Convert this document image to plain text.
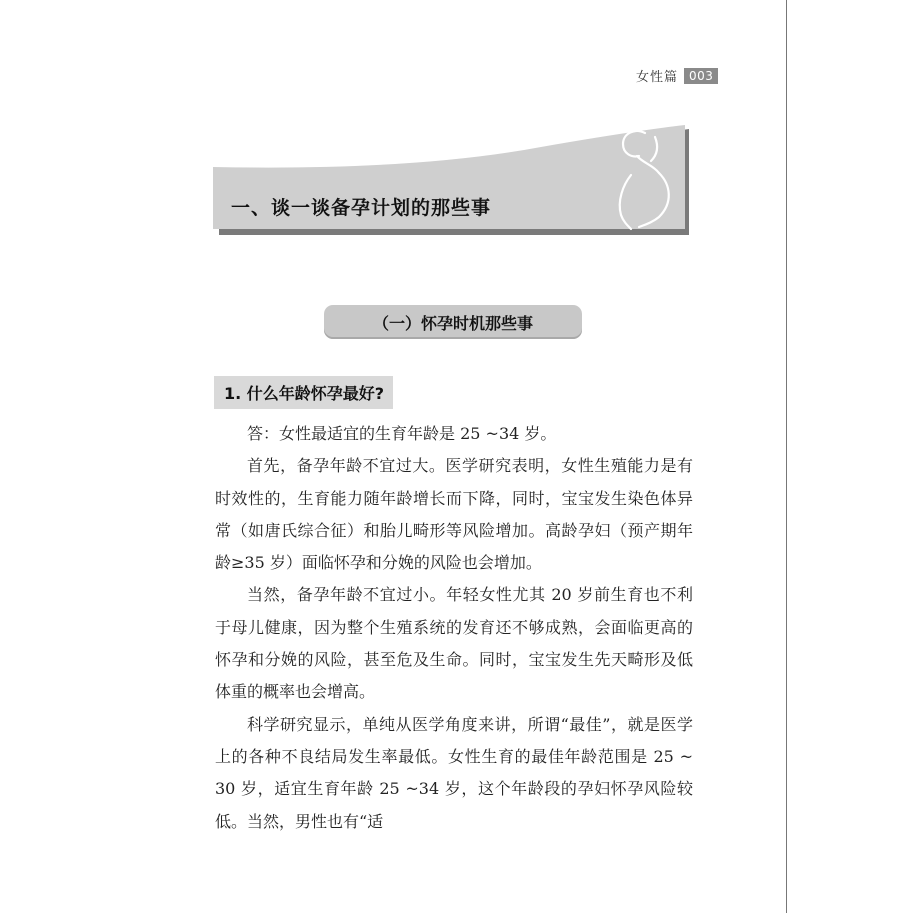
女性篇 003
一、谈一谈备孕计划的那些事
（一）怀孕时机那些事
1. 什么年龄怀孕最好?

答：女性最适宜的生育年龄是 25 ~34 岁。

首先，备孕年龄不宜过大。医学研究表明，女性生殖能力是有时效性的，生育能力随年龄增长而下降，同时，宝宝发生染色体异常（如唐氏综合征）和胎儿畸形等风险增加。高龄孕妇（预产期年龄≥35 岁）面临怀孕和分娩的风险也会增加。

当然，备孕年龄不宜过小。年轻女性尤其 20 岁前生育也不利于母儿健康，因为整个生殖系统的发育还不够成熟，会面临更高的怀孕和分娩的风险，甚至危及生命。同时，宝宝发生先天畸形及低体重的概率也会增高。

科学研究显示，单纯从医学角度来讲，所谓“最佳”，就是医学上的各种不良结局发生率最低。女性生育的最佳年龄范围是 25 ~ 30 岁，适宜生育年龄 25 ~34 岁，这个年龄段的孕妇怀孕风险较低。当然，男性也有“适
